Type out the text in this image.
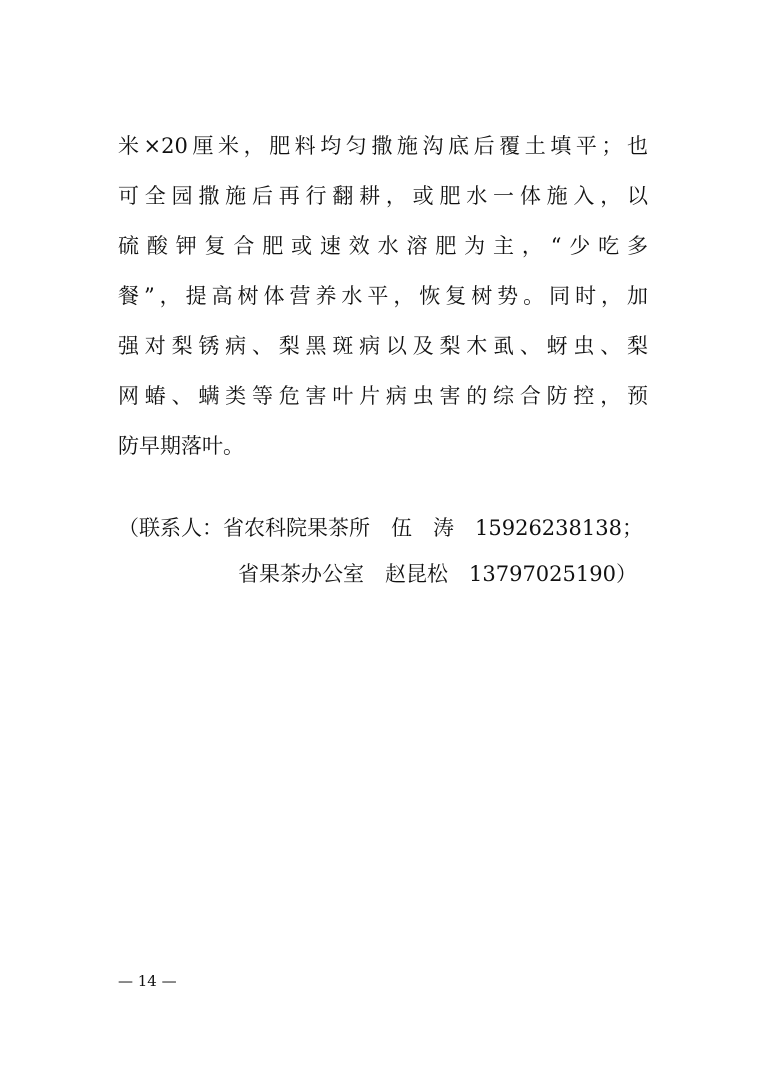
米×20厘米，肥料均匀撒施沟底后覆土填平；也
可全园撒施后再行翻耕，或肥水一体施入，以
硫酸钾复合肥或速效水溶肥为主，“少吃多
餐”，提高树体营养水平，恢复树势。同时，加
强对梨锈病、梨黑斑病以及梨木虱、蚜虫、梨
网蝽、螨类等危害叶片病虫害的综合防控，预
防早期落叶。
（联系人：省农科院果茶所　伍　涛　15926238138；
省果茶办公室　赵昆松　13797025190）
— 14 —
